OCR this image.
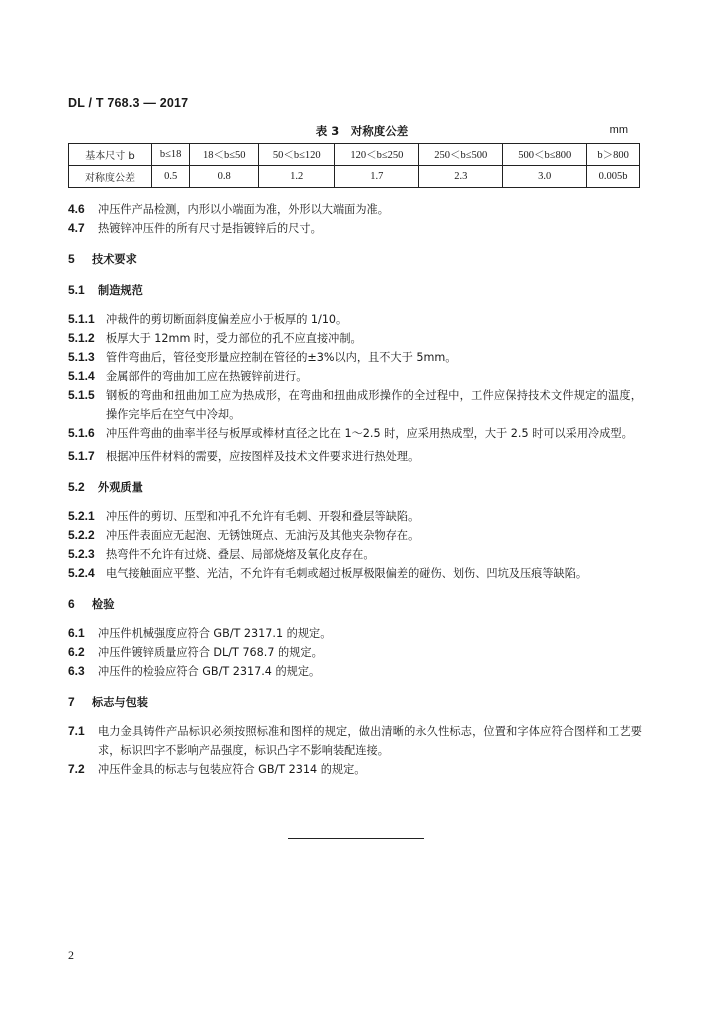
DL / T 768.3 — 2017
表 3　对称度公差	mm
基本尺寸 b	b≤18	18＜b≤50	50＜b≤120	120＜b≤250	250＜b≤500	500＜b≤800	b＞800
对称度公差	0.5	0.8	1.2	1.7	2.3	3.0	0.005b

4.6	冲压件产品检测，内形以小端面为准，外形以大端面为准。

4.7	热镀锌冲压件的所有尺寸是指镀锌后的尺寸。

5	技术要求

5.1	制造规范

5.1.1	冲裁件的剪切断面斜度偏差应小于板厚的 1/10。

5.1.2	板厚大于 12mm 时，受力部位的孔不应直接冲制。

5.1.3	管件弯曲后，管径变形量应控制在管径的±3%以内，且不大于 5mm。

5.1.4	金属部件的弯曲加工应在热镀锌前进行。

5.1.5	钢板的弯曲和扭曲加工应为热成形，在弯曲和扭曲成形操作的全过程中，工件应保持技术文件规定的温度，操作完毕后在空气中冷却。

5.1.6	冲压件弯曲的曲率半径与板厚或棒材直径之比在 1～2.5 时，应采用热成型，大于 2.5 时可以采用冷成型。

5.1.7	根据冲压件材料的需要，应按图样及技术文件要求进行热处理。

5.2	外观质量

5.2.1	冲压件的剪切、压型和冲孔不允许有毛刺、开裂和叠层等缺陷。

5.2.2	冲压件表面应无起泡、无锈蚀斑点、无油污及其他夹杂物存在。

5.2.3	热弯件不允许有过烧、叠层、局部烧熔及氧化皮存在。

5.2.4	电气接触面应平整、光洁，不允许有毛刺或超过板厚极限偏差的碰伤、划伤、凹坑及压痕等缺陷。

6	检验

6.1	冲压件机械强度应符合 GB/T 2317.1 的规定。

6.2	冲压件镀锌质量应符合 DL/T 768.7 的规定。

6.3	冲压件的检验应符合 GB/T 2317.4 的规定。

7	标志与包装

7.1	电力金具铸件产品标识必须按照标准和图样的规定，做出清晰的永久性标志，位置和字体应符合图样和工艺要求，标识凹字不影响产品强度，标识凸字不影响装配连接。

7.2	冲压件金具的标志与包装应符合 GB/T 2314 的规定。

2
